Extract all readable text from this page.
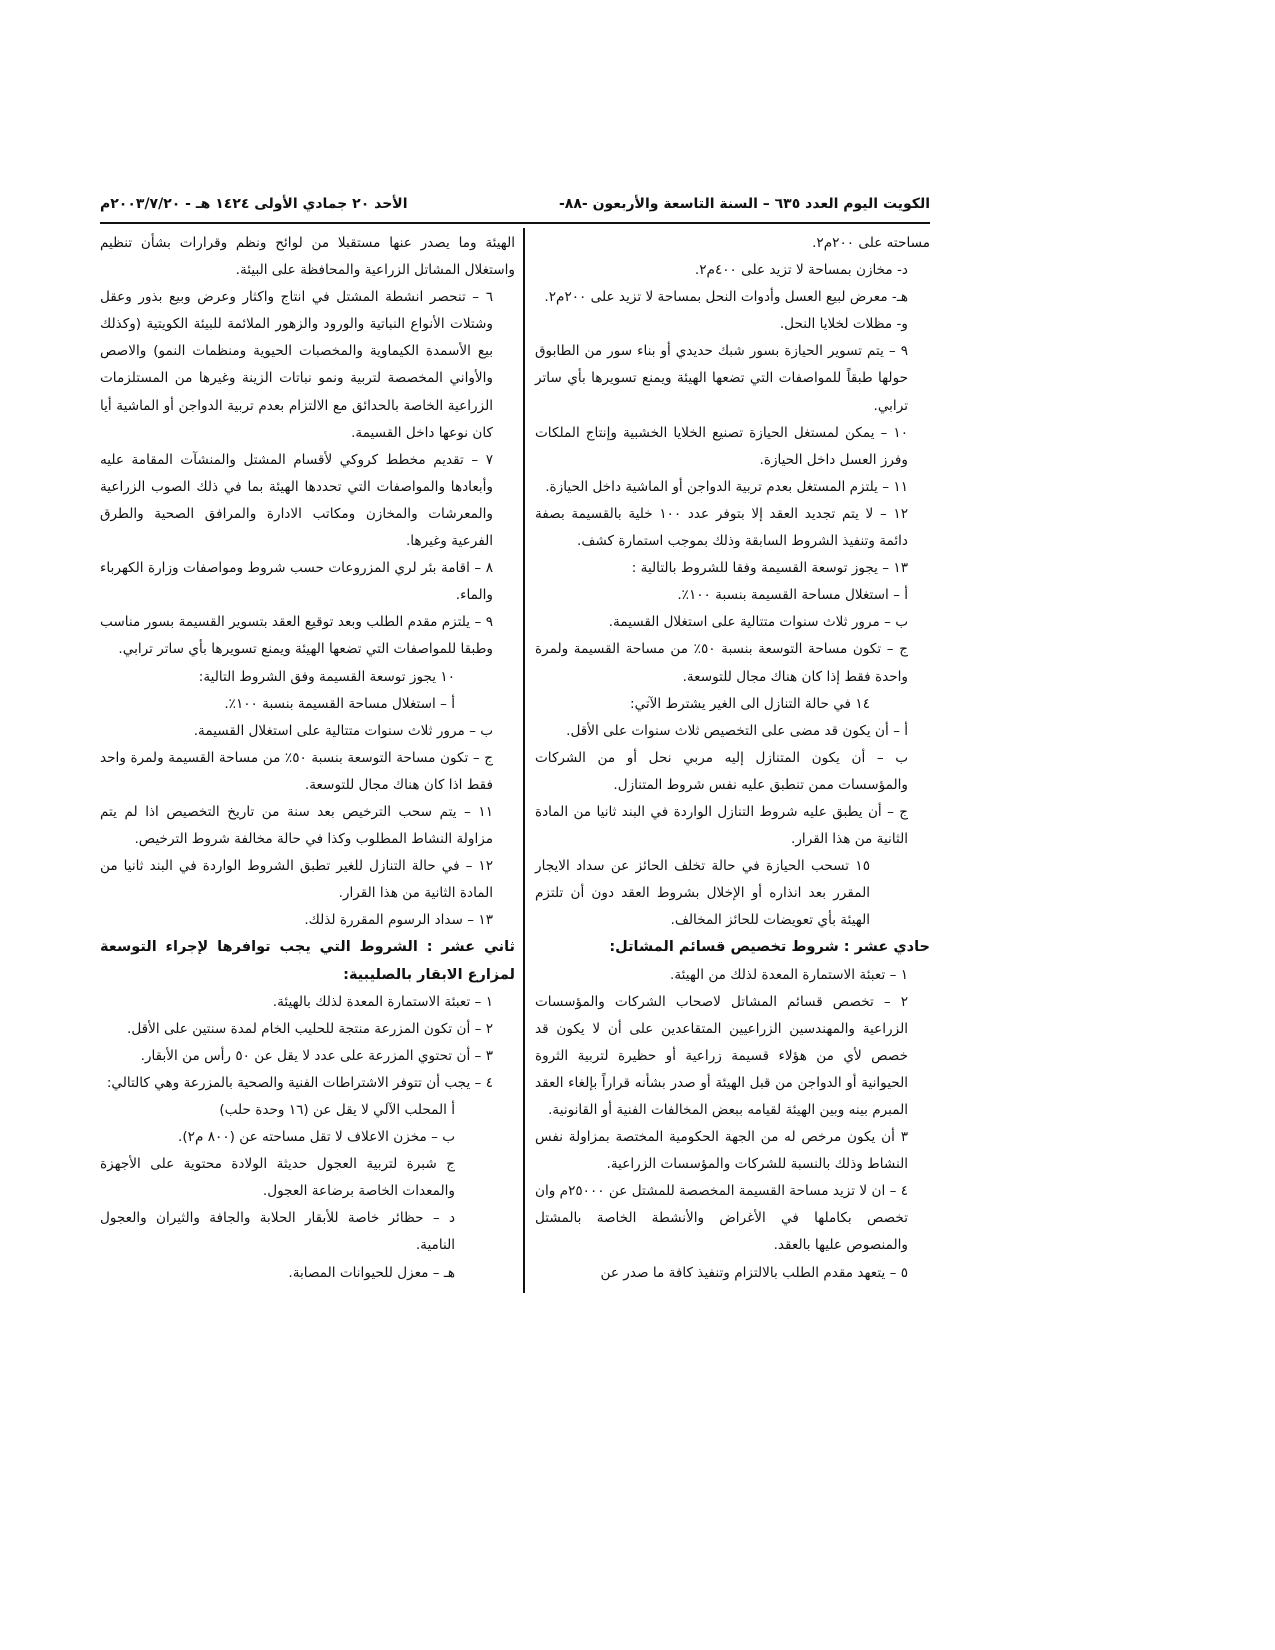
الكويت اليوم العدد ٦٣٥ – السنة التاسعة والأربعون -٨٨-
الأحد ٢٠ جمادي الأولى ١٤٢٤ هـ - ٢٠٠٣/٧/٢٠م

مساحته على ٢٠٠م٢.

د- مخازن بمساحة لا تزيد على ٤٠٠م٢.

هـ- معرض لبيع العسل وأدوات النحل بمساحة لا تزيد على ٢٠٠م٢.

و- مظلات لخلايا النحل.

٩ – يتم تسوير الحيازة بسور شبك حديدي أو بناء سور من الطابوق حولها طبقاً للمواصفات التي تضعها الهيئة ويمنع تسويرها بأي ساتر ترابي.

١٠ – يمكن لمستغل الحيازة تصنيع الخلايا الخشبية وإنتاج الملكات وفرز العسل داخل الحيازة.

١١ – يلتزم المستغل بعدم تربية الدواجن أو الماشية داخل الحيازة.

١٢ – لا يتم تجديد العقد إلا بتوفر عدد ١٠٠ خلية بالقسيمة بصفة دائمة وتنفيذ الشروط السابقة وذلك بموجب استمارة كشف.

١٣ – يجوز توسعة القسيمة وفقا للشروط بالتالية :

أ – استغلال مساحة القسيمة بنسبة ١٠٠٪.

ب – مرور ثلاث سنوات متتالية على استغلال القسيمة.

ج – تكون مساحة التوسعة بنسبة ٥٠٪ من مساحة القسيمة ولمرة واحدة فقط إذا كان هناك مجال للتوسعة.

١٤ في حالة التنازل الى الغير يشترط الآتي:

أ – أن يكون قد مضى على التخصيص ثلاث سنوات على الأقل.

ب – أن يكون المتنازل إليه مربي نحل أو من الشركات والمؤسسات ممن تنطبق عليه نفس شروط المتنازل.

ج – أن يطبق عليه شروط التنازل الواردة في البند ثانيا من المادة الثانية من هذا القرار.

١٥ تسحب الحيازة في حالة تخلف الحائز عن سداد الايجار المقرر بعد انذاره أو الإخلال بشروط العقد دون أن تلتزم الهيئة بأي تعويضات للحائز المخالف.

حادي عشر : شروط تخصيص قسائم المشاتل:

١ – تعبئة الاستمارة المعدة لذلك من الهيئة.

٢ – تخصص قسائم المشاتل لاصحاب الشركات والمؤسسات الزراعية والمهندسين الزراعيين المتقاعدين على أن لا يكون قد خصص لأي من هؤلاء قسيمة زراعية أو حظيرة لتربية الثروة الحيوانية أو الدواجن من قبل الهيئة أو صدر بشأنه قراراً بإلغاء العقد المبرم بينه وبين الهيئة لقيامه ببعض المخالفات الفنية أو القانونية.

٣ أن يكون مرخص له من الجهة الحكومية المختصة بمزاولة نفس النشاط وذلك بالنسبة للشركات والمؤسسات الزراعية.

٤ – ان لا تزيد مساحة القسيمة المخصصة للمشتل عن ٢٥٠٠٠م وان تخصص بكاملها في الأغراض والأنشطة الخاصة بالمشتل والمنصوص عليها بالعقد.

٥ – يتعهد مقدم الطلب بالالتزام وتنفيذ كافة ما صدر عن

الهيئة وما يصدر عنها مستقبلا من لوائح ونظم وقرارات بشأن تنظيم واستغلال المشاتل الزراعية والمحافظة على البيئة.

٦ – تنحصر انشطة المشتل في انتاج واكثار وعرض وبيع بذور وعقل وشتلات الأنواع النباتية والورود والزهور الملائمة للبيئة الكويتية (وكذلك بيع الأسمدة الكيماوية والمخصبات الحيوية ومنظمات النمو) والاصص والأواني المخصصة لتربية ونمو نباتات الزينة وغيرها من المستلزمات الزراعية الخاصة بالحدائق مع الالتزام بعدم تربية الدواجن أو الماشية أيا كان نوعها داخل القسيمة.

٧ – تقديم مخطط كروكي لأقسام المشتل والمنشآت المقامة عليه وأبعادها والمواصفات التي تحددها الهيئة بما في ذلك الصوب الزراعية والمعرشات والمخازن ومكاتب الادارة والمرافق الصحية والطرق الفرعية وغيرها.

٨ – اقامة بئر لري المزروعات حسب شروط ومواصفات وزارة الكهرباء والماء.

٩ – يلتزم مقدم الطلب وبعد توقيع العقد بتسوير القسيمة بسور مناسب وطبقا للمواصفات التي تضعها الهيئة ويمنع تسويرها بأي ساتر ترابي.

١٠ يجوز توسعة القسيمة وفق الشروط التالية:

أ – استغلال مساحة القسيمة بنسبة ١٠٠٪.

ب – مرور ثلاث سنوات متتالية على استغلال القسيمة.

ج – تكون مساحة التوسعة بنسبة ٥٠٪ من مساحة القسيمة ولمرة واحد فقط اذا كان هناك مجال للتوسعة.

١١ – يتم سحب الترخيص بعد سنة من تاريخ التخصيص اذا لم يتم مزاولة النشاط المطلوب وكذا في حالة مخالفة شروط الترخيص.

١٢ – في حالة التنازل للغير تطبق الشروط الواردة في البند ثانيا من المادة الثانية من هذا القرار.

١٣ – سداد الرسوم المقررة لذلك.

ثاني عشر : الشروط التي يجب توافرها لإجراء التوسعة لمزارع الابقار بالصليبية:

١ – تعبئة الاستمارة المعدة لذلك بالهيئة.

٢ – أن تكون المزرعة منتجة للحليب الخام لمدة سنتين على الأقل.

٣ – أن تحتوي المزرعة على عدد لا يقل عن ٥٠ رأس من الأبقار.

٤ – يجب أن تتوفر الاشتراطات الفنية والصحية بالمزرعة وهي كالتالي:

أ المحلب الآلي لا يقل عن (١٦ وحدة حلب)

ب – مخزن الاعلاف لا تقل مساحته عن (٨٠٠ م٢).

ج شبرة لتربية العجول حديثة الولادة محتوية على الأجهزة والمعدات الخاصة برضاعة العجول.

د – حظائر خاصة للأبقار الحلابة والجافة والثيران والعجول النامية.

هـ – معزل للحيوانات المصابة.
